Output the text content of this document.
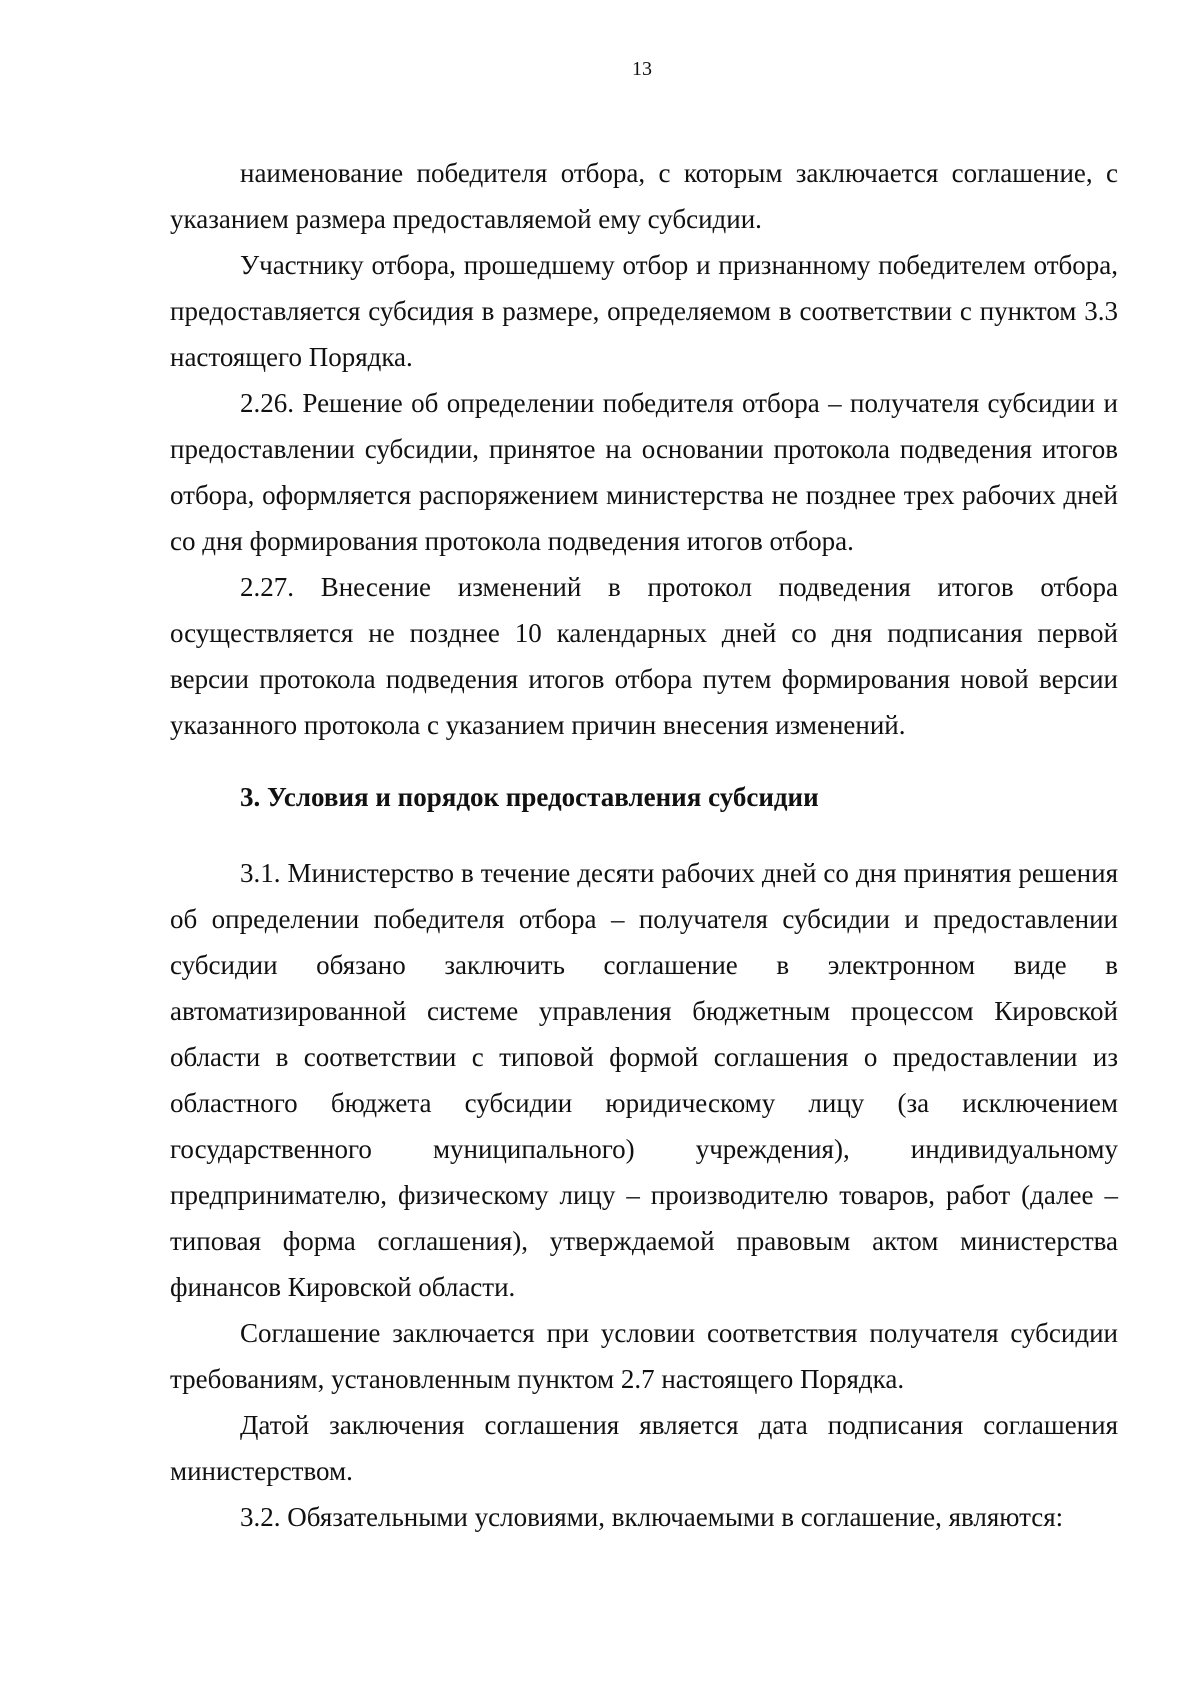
13

наименование победителя отбора, с которым заключается соглашение, с указанием размера предоставляемой ему субсидии.

Участнику отбора, прошедшему отбор и признанному победителем отбора, предоставляется субсидия в размере, определяемом в соответствии с пунктом 3.3 настоящего Порядка.

2.26. Решение об определении победителя отбора – получателя субсидии и предоставлении субсидии, принятое на основании протокола подведения итогов отбора, оформляется распоряжением министерства не позднее трех рабочих дней со дня формирования протокола подведения итогов отбора.

2.27. Внесение изменений в протокол подведения итогов отбора осуществляется не позднее 10 календарных дней со дня подписания первой версии протокола подведения итогов отбора путем формирования новой версии указанного протокола с указанием причин внесения изменений.

3. Условия и порядок предоставления субсидии

3.1. Министерство в течение десяти рабочих дней со дня принятия решения об определении победителя отбора – получателя субсидии и предоставлении субсидии обязано заключить соглашение в электронном виде в автоматизированной системе управления бюджетным процессом Кировской области в соответствии с типовой формой соглашения о предоставлении из областного бюджета субсидии юридическому лицу (за исключением государственного муниципального) учреждения), индивидуальному предпринимателю, физическому лицу – производителю товаров, работ (далее – типовая форма соглашения), утверждаемой правовым актом министерства финансов Кировской области.

Соглашение заключается при условии соответствия получателя субсидии требованиям, установленным пунктом 2.7 настоящего Порядка.

Датой заключения соглашения является дата подписания соглашения министерством.

3.2. Обязательными условиями, включаемыми в соглашение, являются:
